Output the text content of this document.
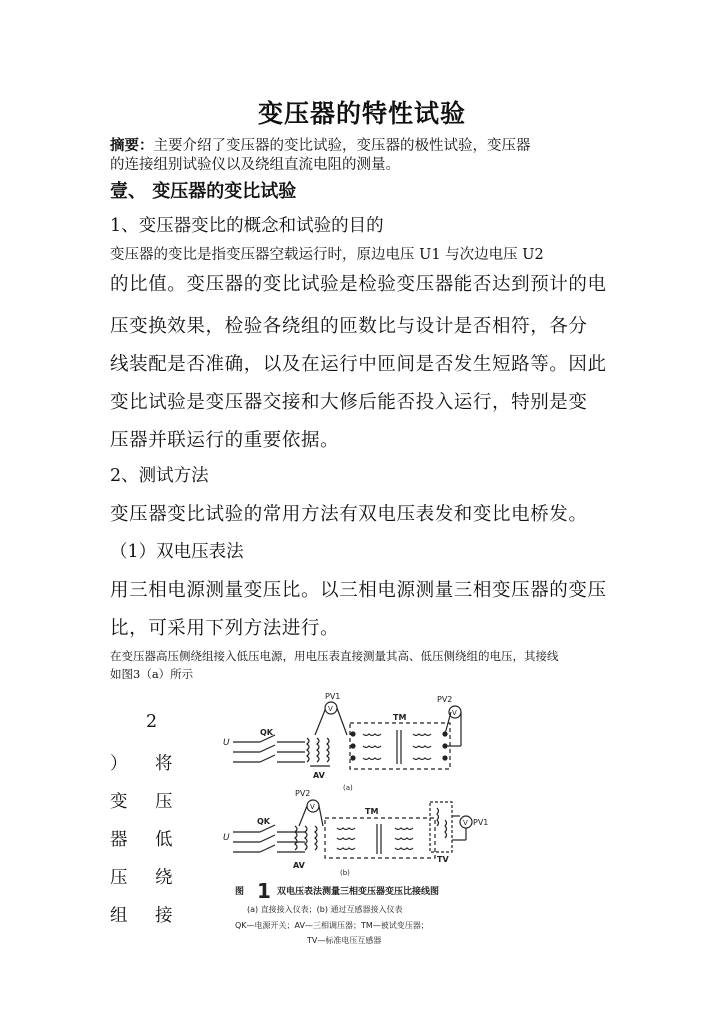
变压器的特性试验
摘要：主要介绍了变压器的变比试验，变压器的极性试验，变压器
的连接组别试验仪以及绕组直流电阻的测量。
壹、 变压器的变比试验
1、变压器变比的概念和试验的目的
变压器的变比是指变压器空载运行时，原边电压 U1 与次边电压 U2
的比值。变压器的变比试验是检验变压器能否达到预计的电
压变换效果，检验各绕组的匝数比与设计是否相符，各分
线装配是否准确，以及在运行中匝间是否发生短路等。因此
变比试验是变压器交接和大修后能否投入运行，特别是变
压器并联运行的重要依据。
2、测试方法
变压器变比试验的常用方法有双电压表发和变比电桥发。
（1）双电压表法
用三相电源测量变压比。以三相电源测量三相变压器的变压
比，可采用下列方法进行。
在变压器高压侧绕组接入低压电源，用电压表直接测量其高、低压侧绕组的电压，其接线
如图3（a）所示
2
） 将
变 压
器 低
压 绕
组 接
U
QK
AV
V
PV1
TM
PV2
V
(a)
U
QK
AV
PV2
V	TM
TV
V PV1
(b)
图 1 双电压表法测量三相变压器变压比接线图
(a) 直接接入仪表；(b) 通过互感器接入仪表
QK—电源开关；AV—三相调压器；TM—被试变压器；
TV—标准电压互感器
